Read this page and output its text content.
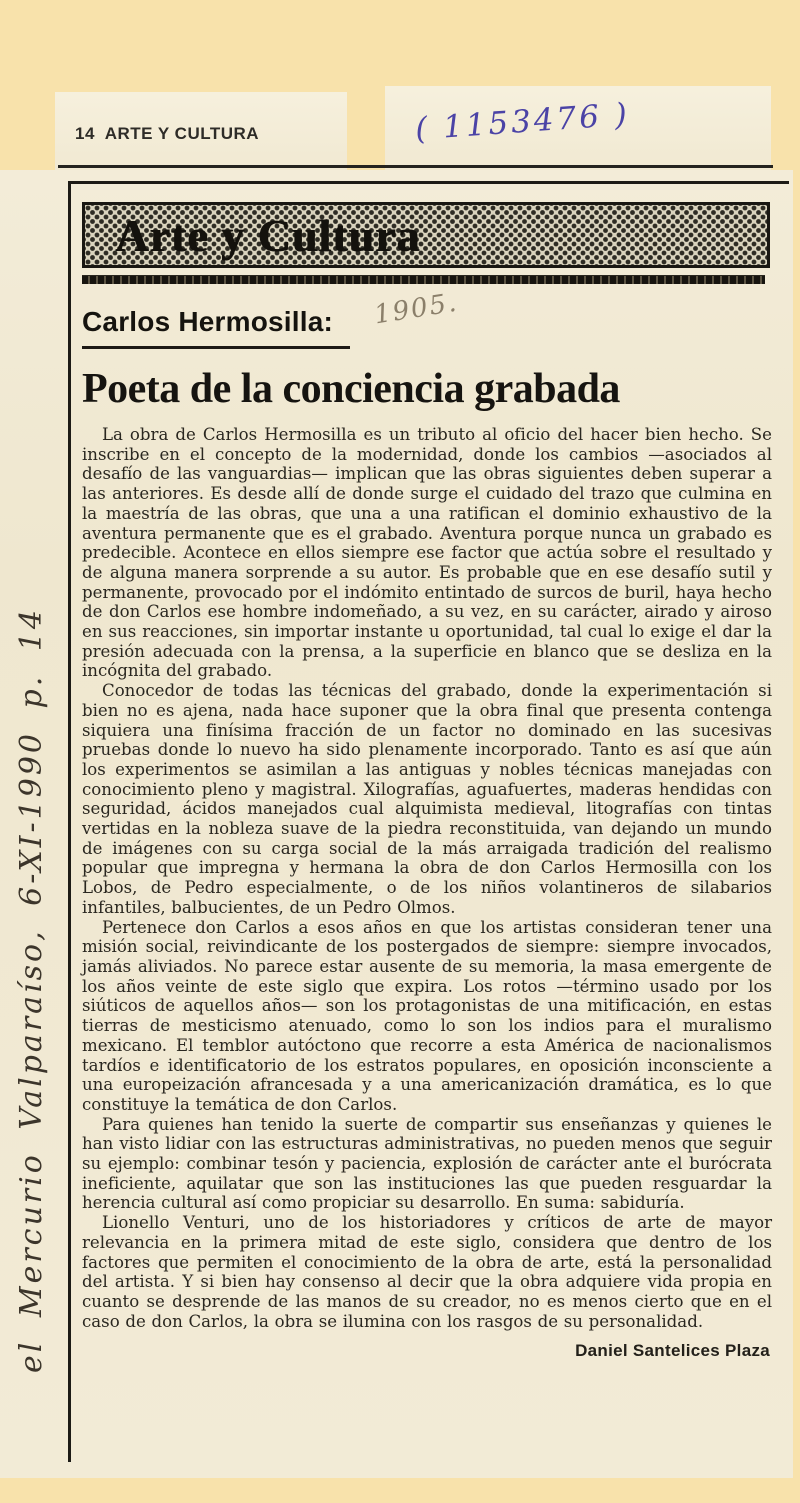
14  ARTE Y CULTURA	( 1153476 )
Arte y Cultura
Carlos Hermosilla: 1905.
Poeta de la conciencia grabada

La obra de Carlos Hermosilla es un tributo al oficio del hacer bien hecho. Se inscribe en el concepto de la modernidad, donde los cambios —asociados al desafío de las vanguardias— implican que las obras siguientes deben superar a las anteriores. Es desde allí de donde surge el cuidado del trazo que culmina en la maestría de las obras, que una a una ratifican el dominio exhaustivo de la aventura permanente que es el grabado. Aventura porque nunca un grabado es predecible. Acontece en ellos siempre ese factor que actúa sobre el resultado y de alguna manera sorprende a su autor. Es probable que en ese desafío sutil y permanente, provocado por el indómito entintado de surcos de buril, haya hecho de don Carlos ese hombre indomeñado, a su vez, en su carácter, airado y airoso en sus reacciones, sin importar instante u oportunidad, tal cual lo exige el dar la presión adecuada con la prensa, a la superficie en blanco que se desliza en la incógnita del grabado.

Conocedor de todas las técnicas del grabado, donde la experimentación si bien no es ajena, nada hace suponer que la obra final que presenta contenga siquiera una finísima fracción de un factor no dominado en las sucesivas pruebas donde lo nuevo ha sido plenamente incorporado. Tanto es así que aún los experimentos se asimilan a las antiguas y nobles técnicas manejadas con conocimiento pleno y magistral. Xilografías, aguafuertes, maderas hendidas con seguridad, ácidos manejados cual alquimista medieval, litografías con tintas vertidas en la nobleza suave de la piedra reconstituida, van dejando un mundo de imágenes con su carga social de la más arraigada tradición del realismo popular que impregna y hermana la obra de don Carlos Hermosilla con los Lobos, de Pedro especialmente, o de los niños volantineros de silabarios infantiles, balbucientes, de un Pedro Olmos.

Pertenece don Carlos a esos años en que los artistas consideran tener una misión social, reivindicante de los postergados de siempre: siempre invocados, jamás aliviados. No parece estar ausente de su memoria, la masa emergente de los años veinte de este siglo que expira. Los rotos —término usado por los siúticos de aquellos años— son los protagonistas de una mitificación, en estas tierras de mesticismo atenuado, como lo son los indios para el muralismo mexicano. El temblor autóctono que recorre a esta América de nacionalismos tardíos e identificatorio de los estratos populares, en oposición inconsciente a una europeización afrancesada y a una americanización dramática, es lo que constituye la temática de don Carlos.

Para quienes han tenido la suerte de compartir sus enseñanzas y quienes le han visto lidiar con las estructuras administrativas, no pueden menos que seguir su ejemplo: combinar tesón y paciencia, explosión de carácter ante el burócrata ineficiente, aquilatar que son las instituciones las que pueden resguardar la herencia cultural así como propiciar su desarrollo. En suma: sabiduría.

Lionello Venturi, uno de los historiadores y críticos de arte de mayor relevancia en la primera mitad de este siglo, considera que dentro de los factores que permiten el conocimiento de la obra de arte, está la personalidad del artista. Y si bien hay consenso al decir que la obra adquiere vida propia en cuanto se desprende de las manos de su creador, no es menos cierto que en el caso de don Carlos, la obra se ilumina con los rasgos de su personalidad.

Daniel Santelices Plaza
el Mercurio Valparaíso, 6-XI-1990 p. 14
